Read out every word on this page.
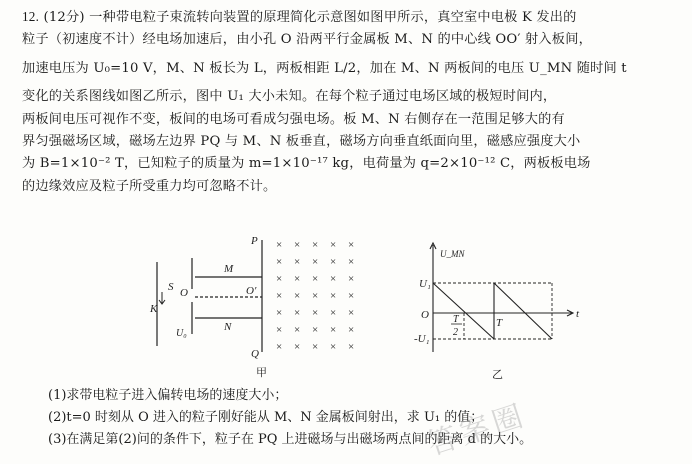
12. (12分) 一种带电粒子束流转向装置的原理简化示意图如图甲所示，真空室中电极 K 发出的
粒子（初速度不计）经电场加速后，由小孔 O 沿两平行金属板 M、N 的中心线 OO′ 射入板间，
加速电压为 U₀=10 V，M、N 板长为 L，两板相距 L/2，加在 M、N 两板间的电压 U_MN 随时间 t
变化的关系图线如图乙所示，图中 U₁ 大小未知。在每个粒子通过电场区域的极短时间内，
两板间电压可视作不变，板间的电场可看成匀强电场。板 M、N 右侧存在一范围足够大的有
界匀强磁场区域，磁场左边界 PQ 与 M、N 板垂直，磁场方向垂直纸面向里，磁感应强度大小
为 B=1×10⁻² T，已知粒子的质量为 m=1×10⁻¹⁷ kg，电荷量为 q=2×10⁻¹² C，两板板电场
的边缘效应及粒子所受重力均可忽略不计。
K
S O
M
N
O′
P
Q
U₀
甲
× × × × ×
× × × × ×
× × × × ×
× × × × ×
× × × × ×
× × × × ×
× × × × ×
U_MN
t
O
U₁
-U₁
T
T
2
乙
(1)求带电粒子进入偏转电场的速度大小；
(2)t=0 时刻从 O 进入的粒子刚好能从 M、N 金属板间射出，求 U₁ 的值；
(3)在满足第(2)问的条件下，粒子在 PQ 上进磁场与出磁场两点间的距离 d 的大小。
答案圈
